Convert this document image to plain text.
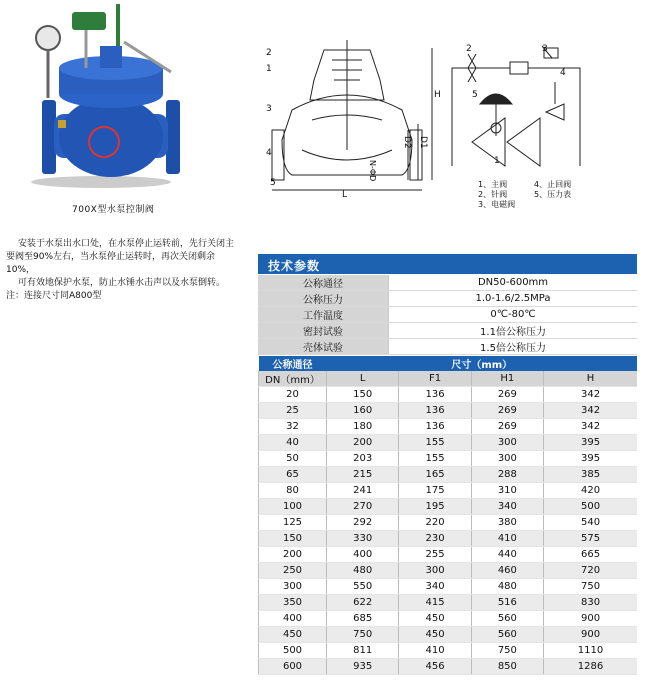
700X型水泵控制阀

安装于水泵出水口处，在水泵停止运转前，先行关闭主要阀至90%左右，当水泵停止运转时，再次关闭剩余10%，

可有效地保护水泵，防止水锤水击声以及水泵倒转。

注：连接尺寸同A800型

1
2
3
4
5
H
D2 D1
N-ΦD
L
2
5
4
1
3
1、主阀	4、止回阀
2、针阀	5、压力表
3、电磁阀
技术参数
公称通径	DN50-600mm
公称压力	1.0-1.6/2.5MPa
工作温度	0℃-80℃
密封试验	1.1倍公称压力
壳体试验	1.5倍公称压力
公称通径	尺寸（mm）			
DN（mm）	L	F1	H1	H
20	150	136	269	342
25	160	136	269	342
32	180	136	269	342
40	200	155	300	395
50	203	155	300	395
65	215	165	288	385
80	241	175	310	420
100	270	195	340	500
125	292	220	380	540
150	330	230	410	575
200	400	255	440	665
250	480	300	460	720
300	550	340	480	750
350	622	415	516	830
400	685	450	560	900
450	750	450	560	900
500	811	410	750	1110
600	935	456	850	1286
